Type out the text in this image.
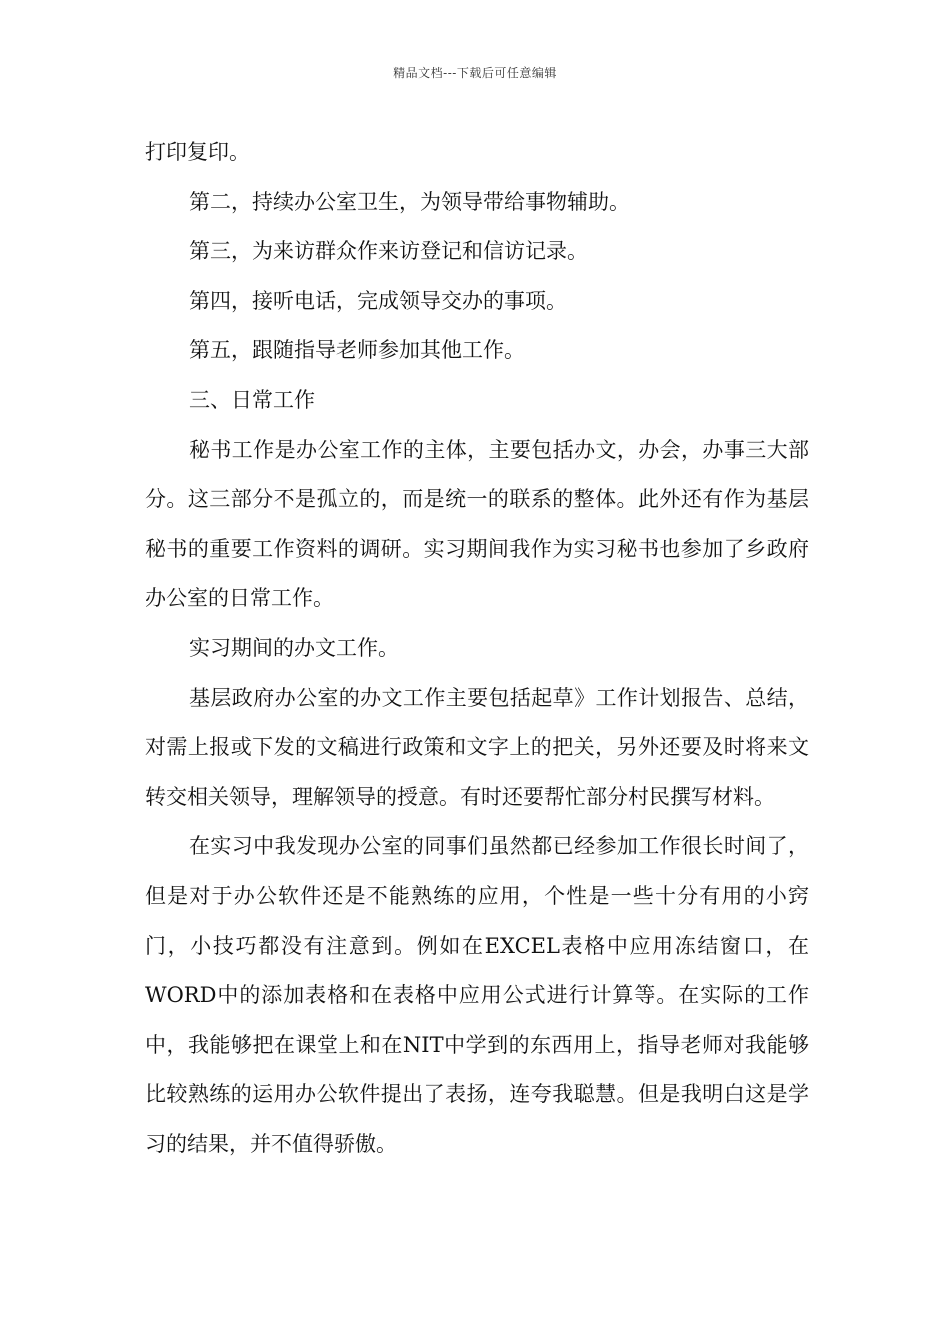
精品文档---下载后可任意编辑

打印复印。

第二，持续办公室卫生，为领导带给事物辅助。

第三，为来访群众作来访登记和信访记录。

第四，接听电话，完成领导交办的事项。

第五，跟随指导老师参加其他工作。

三、日常工作

秘书工作是办公室工作的主体，主要包括办文，办会，办事三大部分。这三部分不是孤立的，而是统一的联系的整体。此外还有作为基层秘书的重要工作资料的调研。实习期间我作为实习秘书也参加了乡政府办公室的日常工作。

实习期间的办文工作。

基层政府办公室的办文工作主要包括起草》工作计划报告、总结，对需上报或下发的文稿进行政策和文字上的把关，另外还要及时将来文转交相关领导，理解领导的授意。有时还要帮忙部分村民撰写材料。

在实习中我发现办公室的同事们虽然都已经参加工作很长时间了，但是对于办公软件还是不能熟练的应用，个性是一些十分有用的小窍门，小技巧都没有注意到。例如在EXCEL表格中应用冻结窗口，在WORD中的添加表格和在表格中应用公式进行计算等。在实际的工作中，我能够把在课堂上和在NIT中学到的东西用上，指导老师对我能够比较熟练的运用办公软件提出了表扬，连夸我聪慧。但是我明白这是学习的结果，并不值得骄傲。
